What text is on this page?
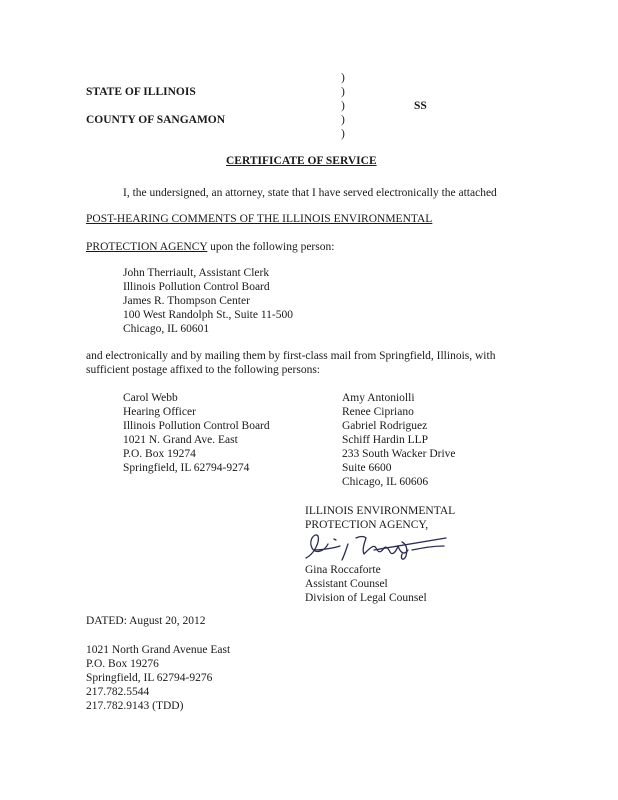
STATE OF ILLINOIS
COUNTY OF SANGAMON
)
)
)
)
)
SS
CERTIFICATE OF SERVICE
I, the undersigned, an attorney, state that I have served electronically the attached
POST-HEARING COMMENTS OF THE ILLINOIS ENVIRONMENTAL
PROTECTION AGENCY upon the following person:
John Therriault, Assistant Clerk
Illinois Pollution Control Board
James R. Thompson Center
100 West Randolph St., Suite 11-500
Chicago, IL 60601
and electronically and by mailing them by first-class mail from Springfield, Illinois, with
sufficient postage affixed to the following persons:
Carol Webb
Hearing Officer
Illinois Pollution Control Board
1021 N. Grand Ave. East
P.O. Box 19274
Springfield, IL 62794-9274
Amy Antoniolli
Renee Cipriano
Gabriel Rodriguez
Schiff Hardin LLP
233 South Wacker Drive
Suite 6600
Chicago, IL 60606
ILLINOIS ENVIRONMENTAL
PROTECTION AGENCY,
Gina Roccaforte
Assistant Counsel
Division of Legal Counsel
DATED: August 20, 2012
1021 North Grand Avenue East
P.O. Box 19276
Springfield, IL 62794-9276
217.782.5544
217.782.9143 (TDD)
